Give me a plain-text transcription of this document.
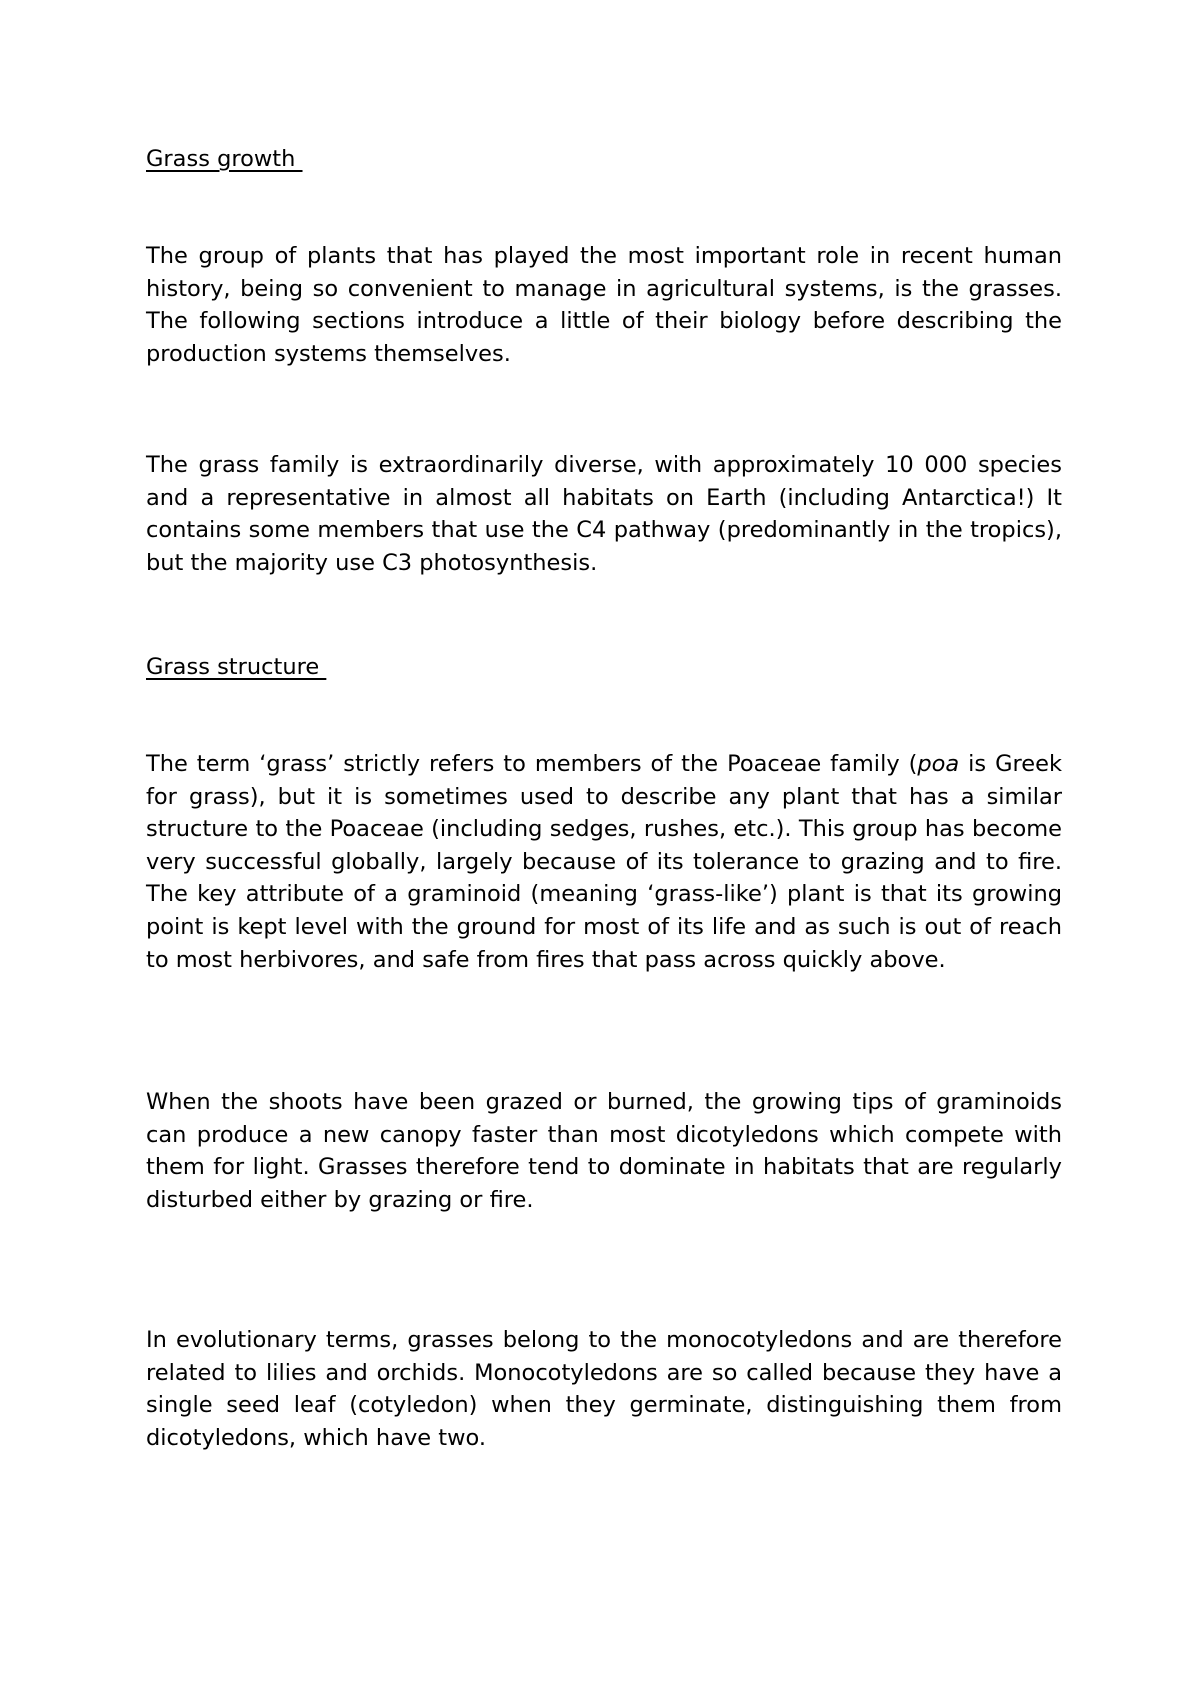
Grass growth

The group of plants that has played the most important role in recent human history, being so convenient to manage in agricultural systems, is the grasses. The following sections introduce a little of their biology before describing the production systems themselves.

The grass family is extraordinarily diverse, with approximately 10 000 species and a representative in almost all habitats on Earth (including Antarctica!) It contains some members that use the C4 pathway (predominantly in the tropics), but the majority use C3 photosynthesis.

Grass structure

The term ‘grass’ strictly refers to members of the Poaceae family (poa is Greek for grass), but it is sometimes used to describe any plant that has a similar structure to the Poaceae (including sedges, rushes, etc.). This group has become very successful globally, largely because of its tolerance to grazing and to fire. The key attribute of a graminoid (meaning ‘grass-like’) plant is that its growing point is kept level with the ground for most of its life and as such is out of reach to most herbivores, and safe from fires that pass across quickly above.

When the shoots have been grazed or burned, the growing tips of graminoids can produce a new canopy faster than most dicotyledons which compete with them for light. Grasses therefore tend to dominate in habitats that are regularly disturbed either by grazing or fire.

In evolutionary terms, grasses belong to the monocotyledons and are therefore related to lilies and orchids. Monocotyledons are so called because they have a single seed leaf (cotyledon) when they germinate, distinguishing them from dicotyledons, which have two.
